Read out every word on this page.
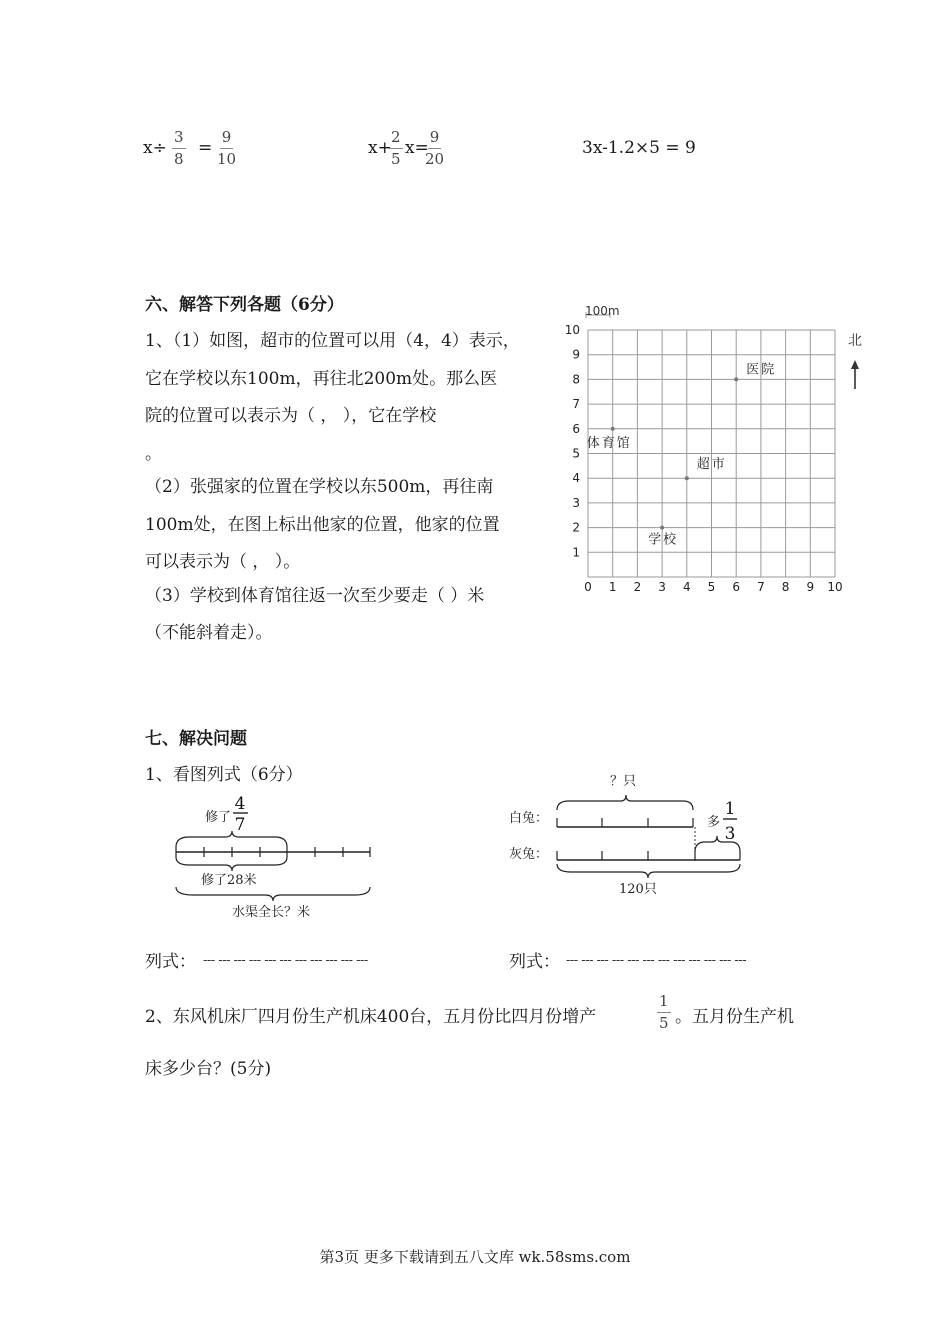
$x\div \frac{3}{8} = \frac{9}{10}$	x+
$\frac{2}{5} x=$
$\frac{9}{20}$	3x-1.2×5 = 9
六、解答下列各题（6分）
1、（1）如图，超市的位置可以用（4，4）表示，
它在学校以东100m，再往北200m处。那么医
院的位置可以表示为（ ， ），它在学校
。
（2）张强家的位置在学校以东500m，再往南
100m处，在图上标出他家的位置，他家的位置
可以表示为（ ， ）。
（3）学校到体育馆往返一次至少要走（ ）米
（不能斜着走）。
100m
北
0 1 2 3 4 5 6 7 8 9 10
1
2
3
4
5
6
7
8
9
10
医院
体育馆
超市
学校
七、解决问题
1、看图列式（6分）
修了
4
7
修了28米
水渠全长？米
？只
白兔：	多
1
3
灰兔：
120只
列式： --- --- --- --- --- --- --- --- --- --- ---	列式： --- --- --- --- --- --- --- --- --- --- --- ---
2、东风机床厂四月份生产机床400台，五月份比四月份增产	$\frac{1}{5}$ 。五月份生产机
床多少台？(5分)
第3页 更多下载请到五八文库 wk.58sms.com
